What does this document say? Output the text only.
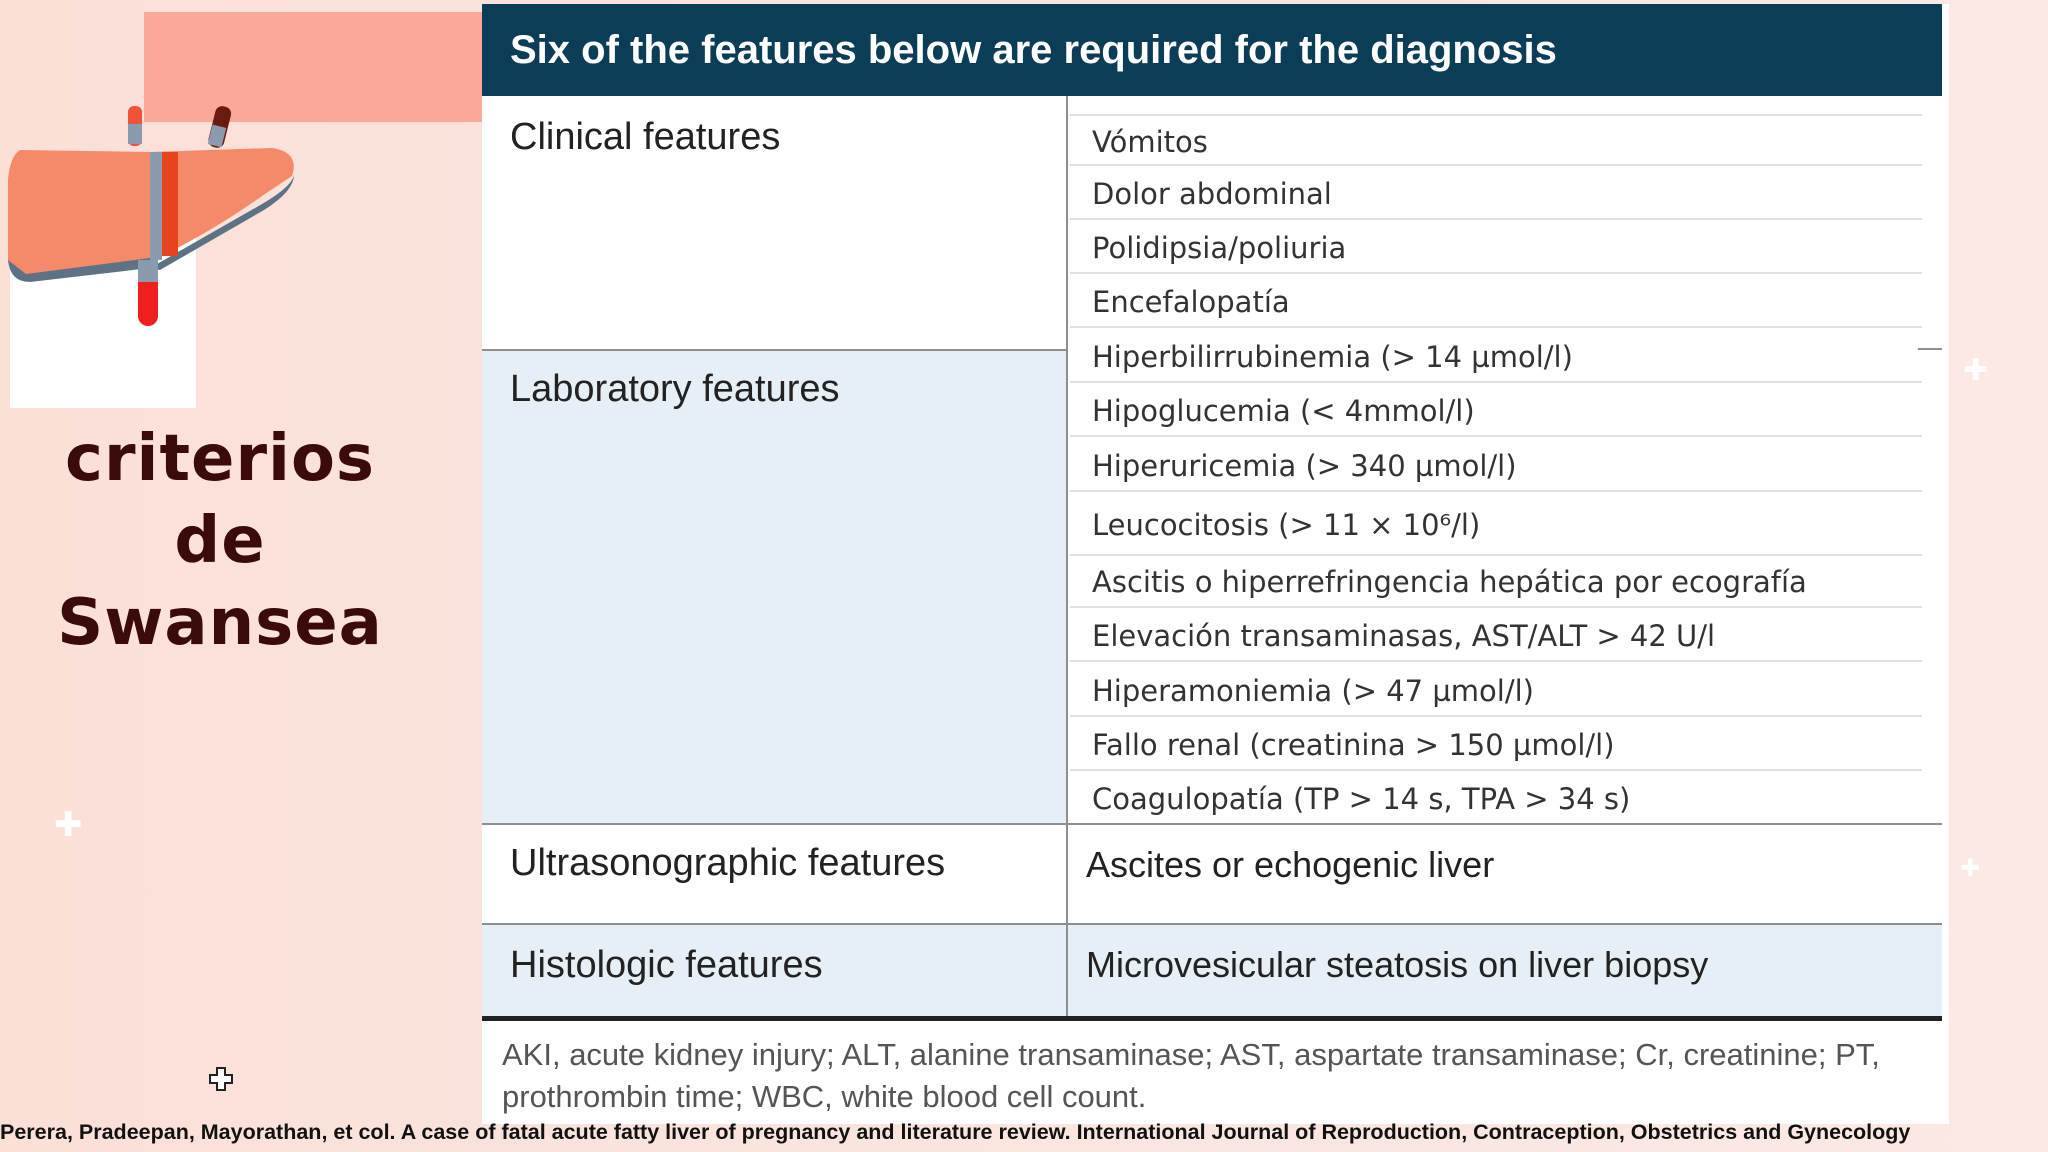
✚
✚
✚
criterios de
Swansea
Six of the features below are required for the diagnosis
Clinical features
Laboratory features
Ultrasonographic features
Histologic features
Ascites or echogenic liver
Microvesicular steatosis on liver biopsy
Vómitos
Dolor abdominal
Polidipsia/poliuria
Encefalopatía
Hiperbilirrubinemia (> 14 µmol/l)
Hipoglucemia (< 4mmol/l)
Hiperuricemia (> 340 µmol/l)
Leucocitosis (> 11 × 10⁶/l)
Ascitis o hiperrefringencia hepática por ecografía
Elevación transaminasas, AST/ALT > 42 U/l
Hiperamoniemia (> 47 µmol/l)
Fallo renal (creatinina > 150 µmol/l)
Coagulopatía (TP > 14 s, TPA > 34 s)
AKI, acute kidney injury; ALT, alanine transaminase; AST, aspartate transaminase; Cr, creatinine; PT, prothrombin time; WBC, white blood cell count.
Perera, Pradeepan, Mayorathan, et col. A case of fatal acute fatty liver of pregnancy and literature review. International Journal of Reproduction, Contraception, Obstetrics and Gynecology
